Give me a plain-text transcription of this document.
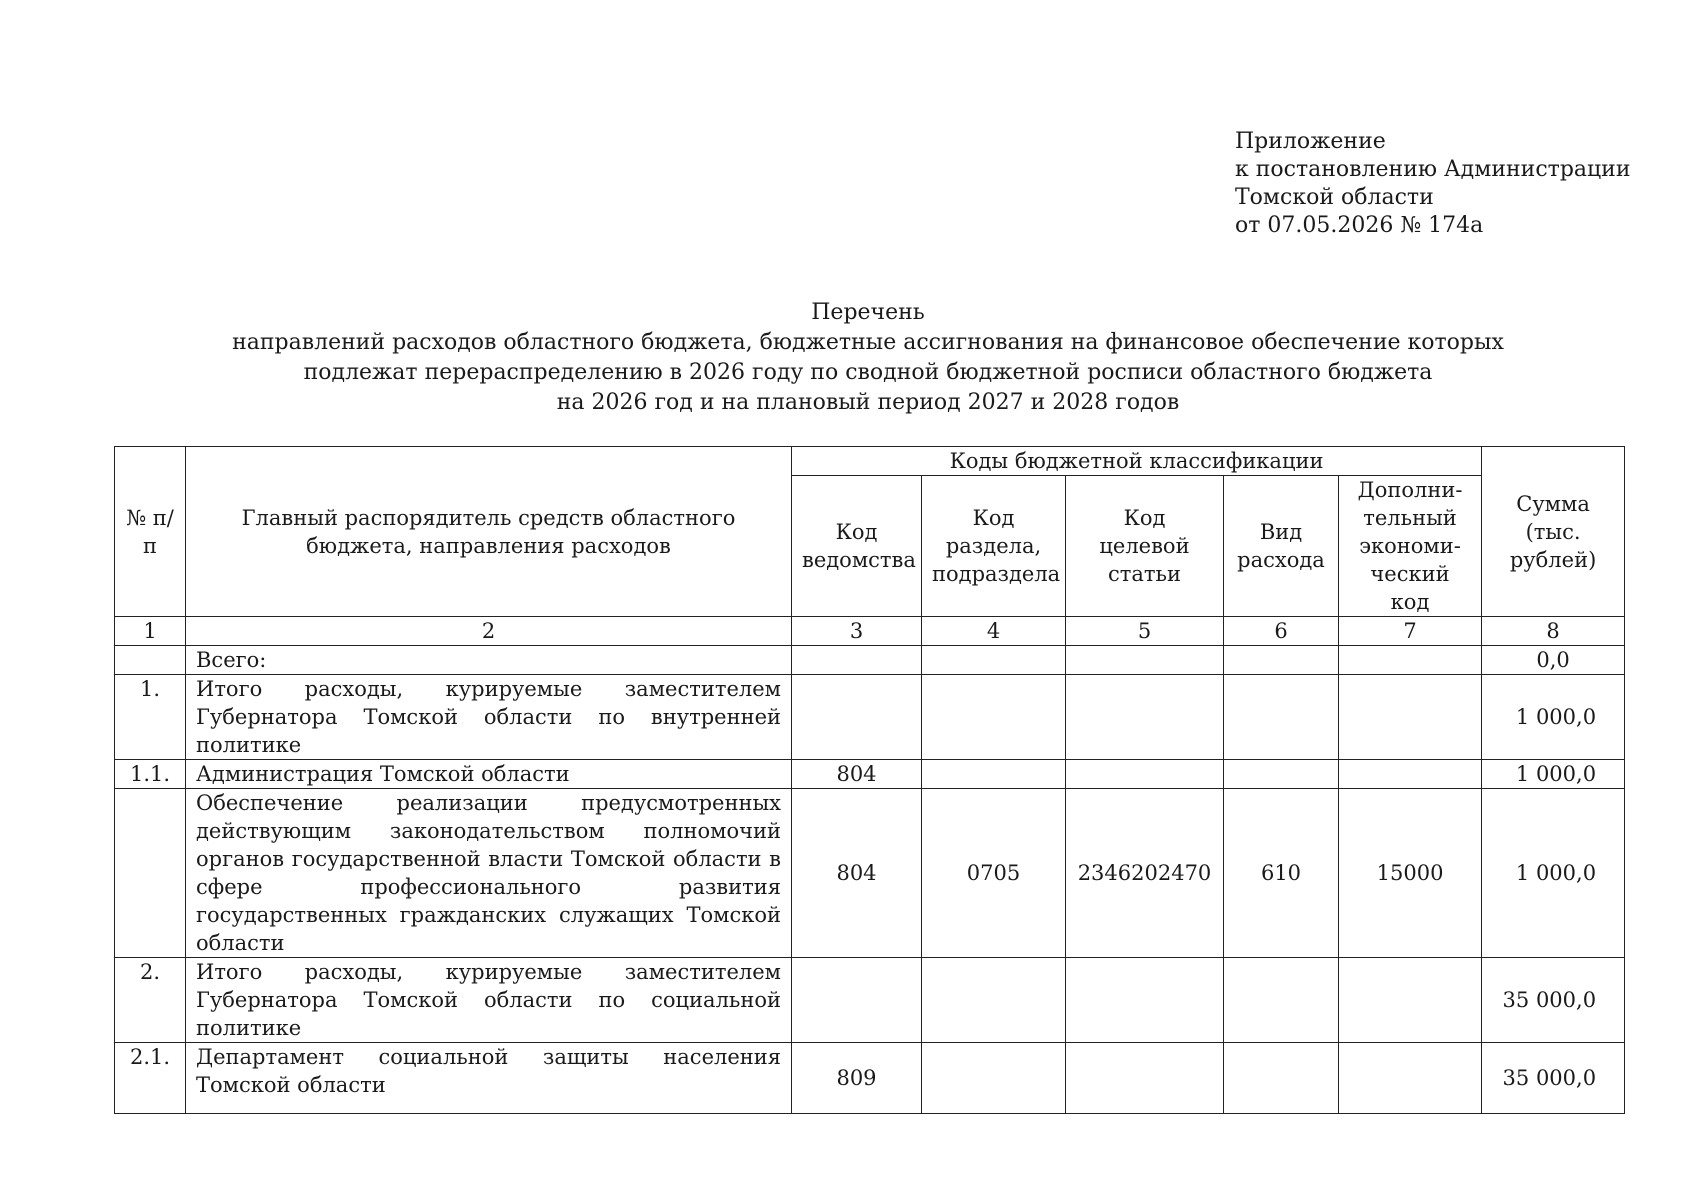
Приложение
к постановлению Администрации
Томской области
от 07.05.2026 № 174а
Перечень
направлений расходов областного бюджета, бюджетные ассигнования на финансовое обеспечение которых
подлежат перераспределению в 2026 году по сводной бюджетной росписи областного бюджета
на 2026 год и на плановый период 2027 и 2028 годов
№ п/п	Главный распорядитель средств областного бюджета, направления расходов	Коды бюджетной классификации					Сумма (тыс. рублей)
		Код ведомства	Код раздела, подраздела	Код целевой статьи	Вид расхода	Дополни-тельный экономи-ческий код	
1	2	3	4	5	6	7	8
	Всего:						0,0
1.	Итого расходы, курируемые заместителем Губернатора Томской области по внутренней политике						1 000,0
1.1.	Администрация Томской области	804					1 000,0
	Обеспечение реализации предусмотренных действующим законодательством полномочий органов государственной власти Томской области в сфере профессионального развития государственных гражданских служащих Томской области	804	0705	2346202470	610	15000	1 000,0
2.	Итого расходы, курируемые заместителем Губернатора Томской области по социальной политике						35 000,0
2.1.	Департамент социальной защиты населения Томской области	809					35 000,0
